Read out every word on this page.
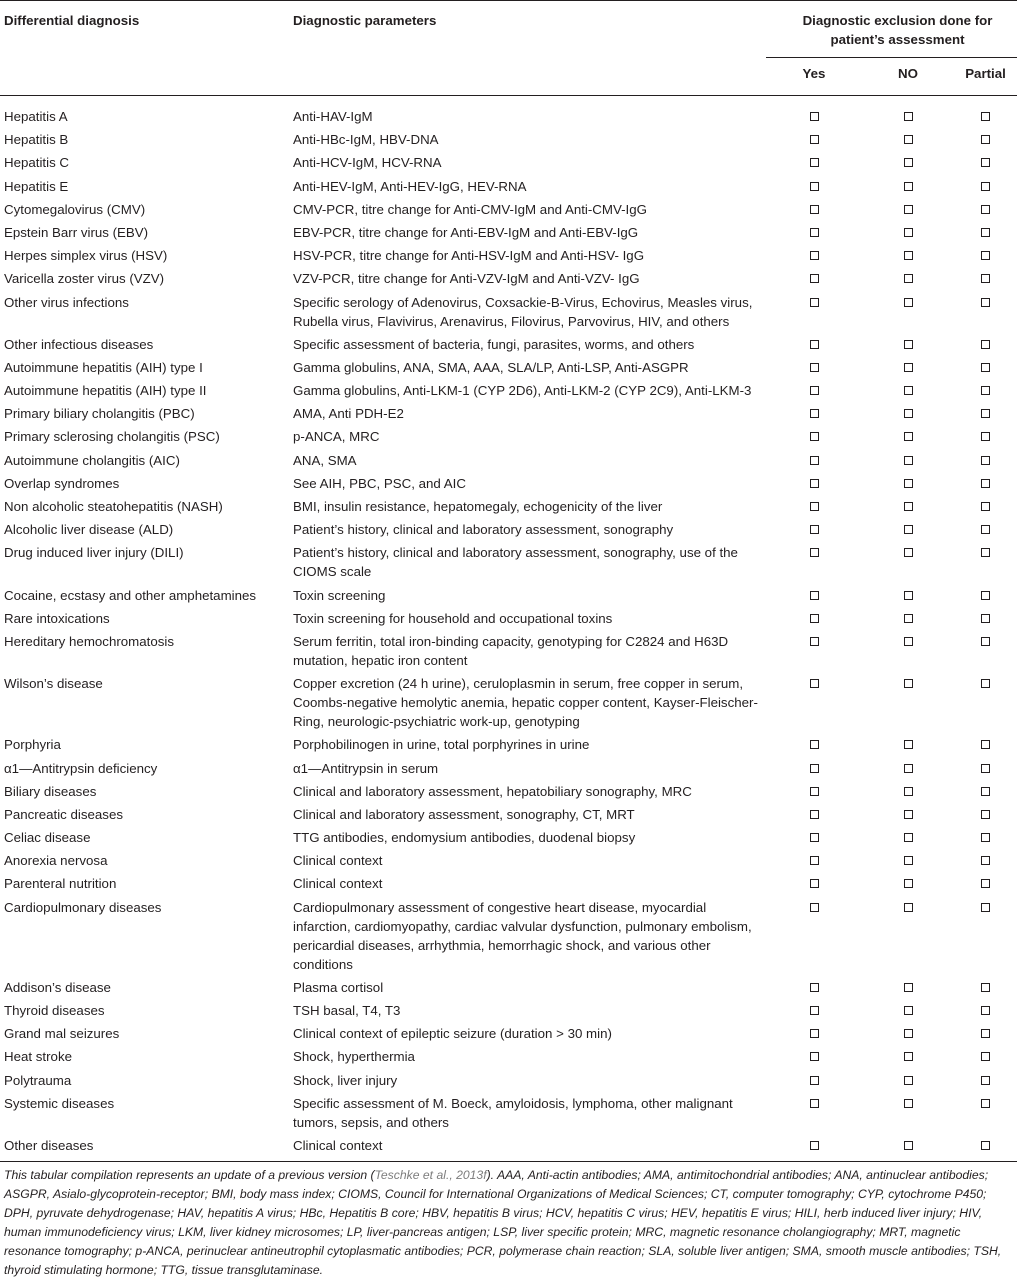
Differential diagnosis	Diagnostic parameters	Diagnostic exclusion done for patient’s assessment		
		Yes	NO	Partial
Hepatitis A	Anti-HAV-IgM			
Hepatitis B	Anti-HBc-IgM, HBV-DNA			
Hepatitis C	Anti-HCV-IgM, HCV-RNA			
Hepatitis E	Anti-HEV-IgM, Anti-HEV-IgG, HEV-RNA			
Cytomegalovirus (CMV)	CMV-PCR, titre change for Anti-CMV-IgM and Anti-CMV-IgG			
Epstein Barr virus (EBV)	EBV-PCR, titre change for Anti-EBV-IgM and Anti-EBV-IgG			
Herpes simplex virus (HSV)	HSV-PCR, titre change for Anti-HSV-IgM and Anti-HSV- IgG			
Varicella zoster virus (VZV)	VZV-PCR, titre change for Anti-VZV-IgM and Anti-VZV- IgG			
Other virus infections	Specific serology of Adenovirus, Coxsackie-B-Virus, Echovirus, Measles virus, Rubella virus, Flavivirus, Arenavirus, Filovirus, Parvovirus, HIV, and others			
Other infectious diseases	Specific assessment of bacteria, fungi, parasites, worms, and others			
Autoimmune hepatitis (AIH) type I	Gamma globulins, ANA, SMA, AAA, SLA/LP, Anti-LSP, Anti-ASGPR			
Autoimmune hepatitis (AIH) type II	Gamma globulins, Anti-LKM-1 (CYP 2D6), Anti-LKM-2 (CYP 2C9), Anti-LKM-3			
Primary biliary cholangitis (PBC)	AMA, Anti PDH-E2			
Primary sclerosing cholangitis (PSC)	p-ANCA, MRC			
Autoimmune cholangitis (AIC)	ANA, SMA			
Overlap syndromes	See AIH, PBC, PSC, and AIC			
Non alcoholic steatohepatitis (NASH)	BMI, insulin resistance, hepatomegaly, echogenicity of the liver			
Alcoholic liver disease (ALD)	Patient’s history, clinical and laboratory assessment, sonography			
Drug induced liver injury (DILI)	Patient’s history, clinical and laboratory assessment, sonography, use of the CIOMS scale			
Cocaine, ecstasy and other amphetamines	Toxin screening			
Rare intoxications	Toxin screening for household and occupational toxins			
Hereditary hemochromatosis	Serum ferritin, total iron-binding capacity, genotyping for C2824 and H63D mutation, hepatic iron content			
Wilson’s disease	Copper excretion (24 h urine), ceruloplasmin in serum, free copper in serum, Coombs-negative hemolytic anemia, hepatic copper content, Kayser-Fleischer-Ring, neurologic-psychiatric work-up, genotyping			
Porphyria	Porphobilinogen in urine, total porphyrines in urine			
α1—Antitrypsin deficiency	α1—Antitrypsin in serum			
Biliary diseases	Clinical and laboratory assessment, hepatobiliary sonography, MRC			
Pancreatic diseases	Clinical and laboratory assessment, sonography, CT, MRT			
Celiac disease	TTG antibodies, endomysium antibodies, duodenal biopsy			
Anorexia nervosa	Clinical context			
Parenteral nutrition	Clinical context			
Cardiopulmonary diseases	Cardiopulmonary assessment of congestive heart disease, myocardial infarction, cardiomyopathy, cardiac valvular dysfunction, pulmonary embolism, pericardial diseases, arrhythmia, hemorrhagic shock, and various other conditions			
Addison’s disease	Plasma cortisol			
Thyroid diseases	TSH basal, T4, T3			
Grand mal seizures	Clinical context of epileptic seizure (duration > 30 min)			
Heat stroke	Shock, hyperthermia			
Polytrauma	Shock, liver injury			
Systemic diseases	Specific assessment of M. Boeck, amyloidosis, lymphoma, other malignant tumors, sepsis, and others			
Other diseases	Clinical context			
This tabular compilation represents an update of a previous version (Teschke et al., 2013f). AAA, Anti-actin antibodies; AMA, antimitochondrial antibodies; ANA, antinuclear antibodies; ASGPR, Asialo-glycoprotein-receptor; BMI, body mass index; CIOMS, Council for International Organizations of Medical Sciences; CT, computer tomography; CYP, cytochrome P450; DPH, pyruvate dehydrogenase; HAV, hepatitis A virus; HBc, Hepatitis B core; HBV, hepatitis B virus; HCV, hepatitis C virus; HEV, hepatitis E virus; HILI, herb induced liver injury; HIV, human immunodeficiency virus; LKM, liver kidney microsomes; LP, liver-pancreas antigen; LSP, liver specific protein; MRC, magnetic resonance cholangiography; MRT, magnetic resonance tomography; p-ANCA, perinuclear antineutrophil cytoplasmatic antibodies; PCR, polymerase chain reaction; SLA, soluble liver antigen; SMA, smooth muscle antibodies; TSH, thyroid stimulating hormone; TTG, tissue transglutaminase.
